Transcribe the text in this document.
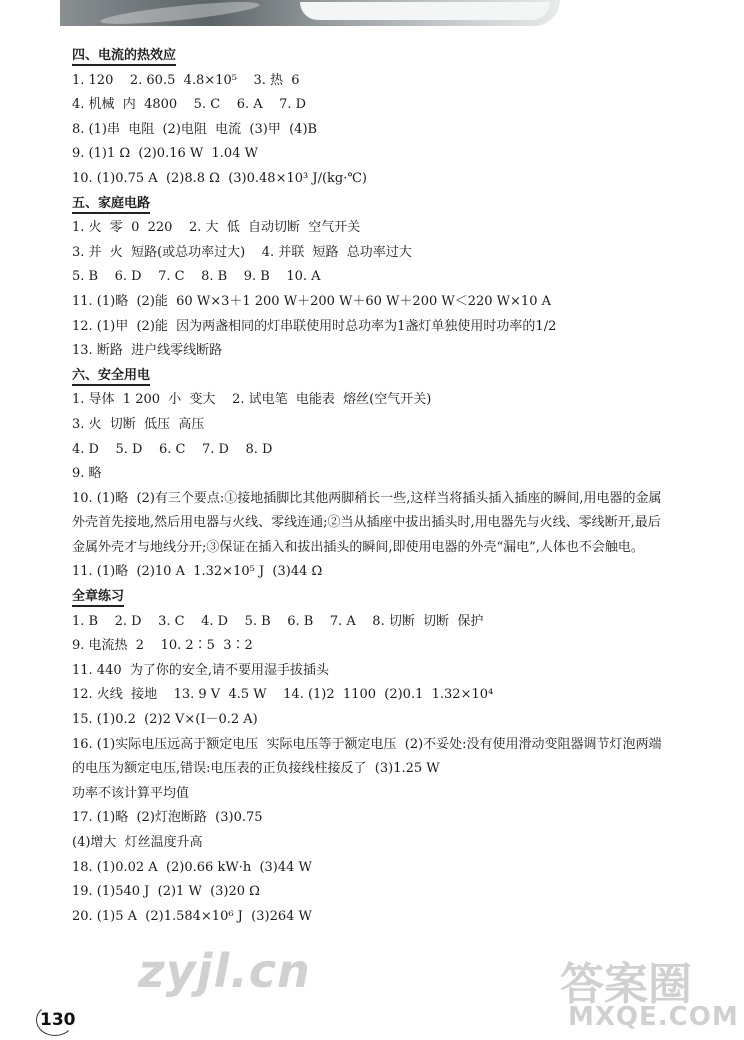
四、电流的热效应
1. 120    2. 60.5  4.8×10⁵    3. 热  6
4. 机械  内  4800    5. C    6. A    7. D
8. (1)串  电阻  (2)电阻  电流  (3)甲  (4)B
9. (1)1 Ω  (2)0.16 W  1.04 W
10. (1)0.75 A  (2)8.8 Ω  (3)0.48×10³ J/(kg·℃)
五、家庭电路
1. 火  零  0  220    2. 大  低  自动切断  空气开关
3. 并  火  短路(或总功率过大)    4. 并联  短路  总功率过大
5. B    6. D    7. C    8. B    9. B    10. A
11. (1)略  (2)能  60 W×3＋1 200 W＋200 W＋60 W＋200 W＜220 W×10 A
12. (1)甲  (2)能  因为两盏相同的灯串联使用时总功率为1盏灯单独使用时功率的1/2
13. 断路  进户线零线断路
六、安全用电
1. 导体  1 200  小  变大    2. 试电笔  电能表  熔丝(空气开关)
3. 火  切断  低压  高压
4. D    5. D    6. C    7. D    8. D
9. 略
10. (1)略  (2)有三个要点:①接地插脚比其他两脚稍长一些,这样当将插头插入插座的瞬间,用电器的金属
外壳首先接地,然后用电器与火线、零线连通;②当从插座中拔出插头时,用电器先与火线、零线断开,最后
金属外壳才与地线分开;③保证在插入和拔出插头的瞬间,即使用电器的外壳“漏电”,人体也不会触电。
11. (1)略  (2)10 A  1.32×10⁵ J  (3)44 Ω
全章练习
1. B    2. D    3. C    4. D    5. B    6. B    7. A    8. 切断  切断  保护
9. 电流热  2    10. 2∶5  3∶2
11. 440  为了你的安全,请不要用湿手拔插头
12. 火线  接地    13. 9 V  4.5 W    14. (1)2  1100  (2)0.1  1.32×10⁴
15. (1)0.2  (2)2 V×(I－0.2 A)
16. (1)实际电压远高于额定电压  实际电压等于额定电压  (2)不妥处:没有使用滑动变阻器调节灯泡两端
的电压为额定电压,错误:电压表的正负接线柱接反了  (3)1.25 W
功率不该计算平均值
17. (1)略  (2)灯泡断路  (3)0.75
(4)增大  灯丝温度升高
18. (1)0.02 A  (2)0.66 kW·h  (3)44 W
19. (1)540 J  (2)1 W  (3)20 Ω
20. (1)5 A  (2)1.584×10⁶ J  (3)264 W
130
zyjl.cn	答案圈
MXQE.COM
